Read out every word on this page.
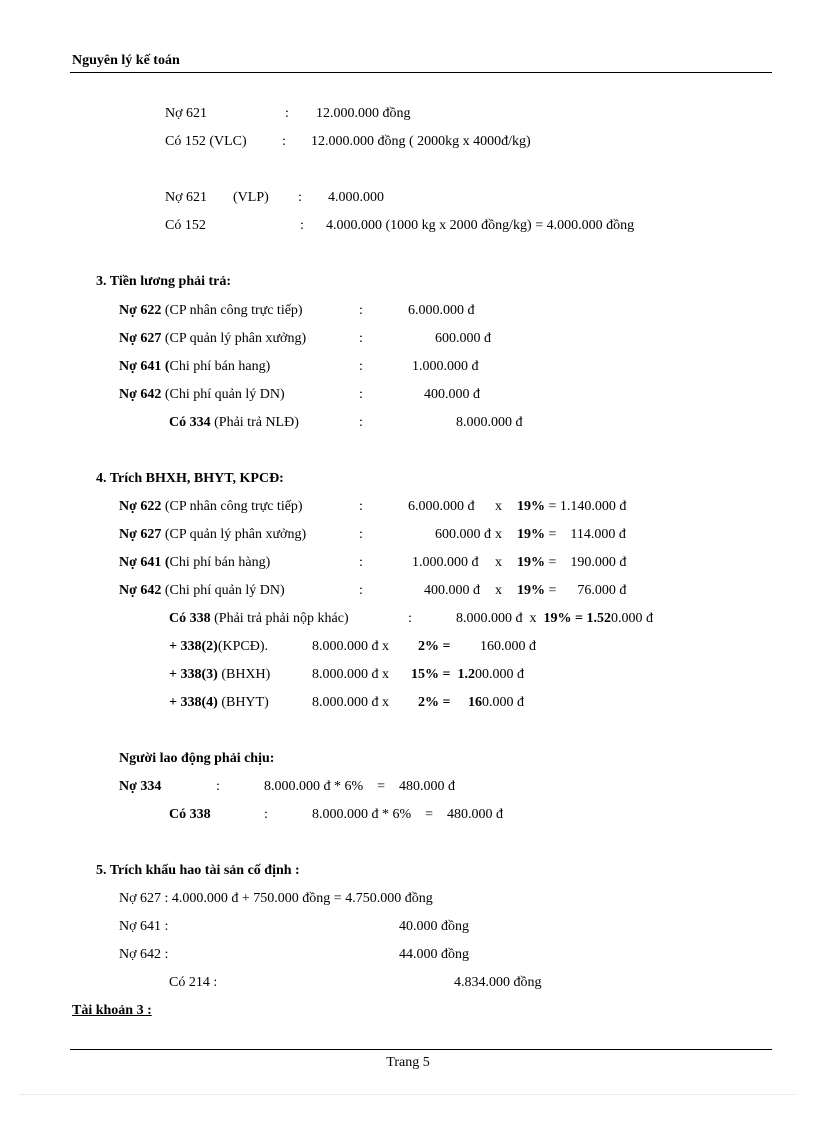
Nguyên lý kế toán
Nợ 621	: 12.000.000 đồng
Có 152 (VLC)	: 12.000.000 đồng ( 2000kg x 4000đ/kg)
Nợ 621 (VLP) : 4.000.000
Có 152	: 4.000.000 (1000 kg x 2000 đồng/kg) = 4.000.000 đồng
3. Tiền lương phải trả:
Nợ 622 (CP nhân công trực tiếp)	:	6.000.000 đ
Nợ 627 (CP quản lý phân xưởng)	:	600.000 đ
Nợ 641 (Chi phí bán hang)	:	1.000.000 đ
Nợ 642 (Chi phí quản lý DN)	:	400.000 đ
Có 334 (Phải trả NLĐ)	:	8.000.000 đ
4. Trích BHXH, BHYT, KPCĐ:
Nợ 622 (CP nhân công trực tiếp)	:	6.000.000 đ x 19% = 1.140.000 đ
Nợ 627 (CP quản lý phân xưởng)	:	600.000 đ x 19% =    114.000 đ
Nợ 641 (Chi phí bán hàng)	:	1.000.000 đ x 19% =    190.000 đ
Nợ 642 (Chi phí quản lý DN)	:	400.000 đ x 19% =      76.000 đ
Có 338 (Phải trả phải nộp khác)	:	8.000.000 đ  x  19% = 1.520.000 đ
+ 338(2)(KPCĐ).	8.000.000 đ x 2% = 160.000 đ
+ 338(3) (BHXH)	8.000.000 đ x 15% =  1.200.000 đ
+ 338(4) (BHYT)	8.000.000 đ x 2% =     160.000 đ
Người lao động phải chịu:
Nợ 334	:	8.000.000 đ * 6%    =    480.000 đ
Có 338	:	8.000.000 đ * 6%    =    480.000 đ
5. Trích khấu hao tài sản cố định :
Nợ 627 : 4.000.000 đ + 750.000 đồng = 4.750.000 đồng
Nợ 641 :	40.000 đồng
Nợ 642 :	44.000 đồng
Có 214 :	4.834.000 đồng
Tài khoản 3 :
Trang 5
